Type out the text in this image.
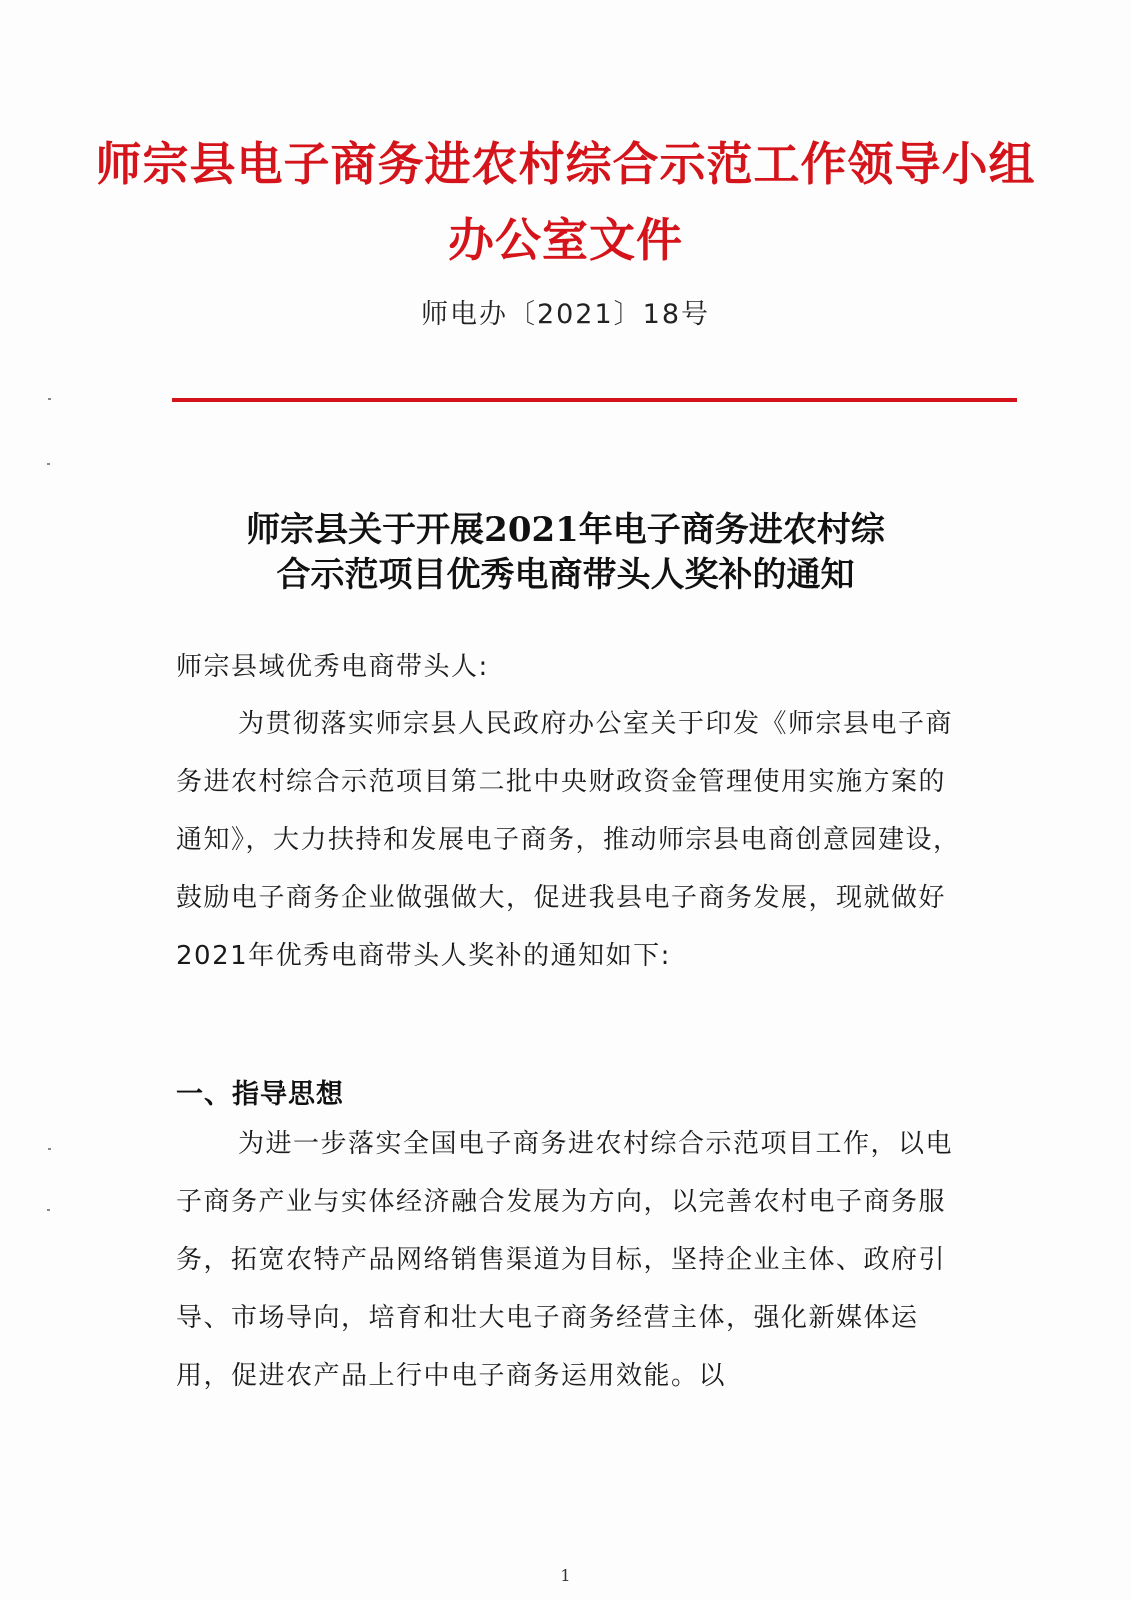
师宗县电子商务进农村综合示范工作领导小组
办公室文件
师电办〔2021〕18号
师宗县关于开展2021年电子商务进农村综
合示范项目优秀电商带头人奖补的通知
师宗县域优秀电商带头人:
为贯彻落实师宗县人民政府办公室关于印发《师宗县电子商务进农村综合示范项目第二批中央财政资金管理使用实施方案的通知》，大力扶持和发展电子商务，推动师宗县电商创意园建设，鼓励电子商务企业做强做大，促进我县电子商务发展，现就做好2021年优秀电商带头人奖补的通知如下:
一、指导思想
为进一步落实全国电子商务进农村综合示范项目工作，以电子商务产业与实体经济融合发展为方向，以完善农村电子商务服务，拓宽农特产品网络销售渠道为目标，坚持企业主体、政府引导、市场导向，培育和壮大电子商务经营主体，强化新媒体运用，促进农产品上行中电子商务运用效能。以
1
